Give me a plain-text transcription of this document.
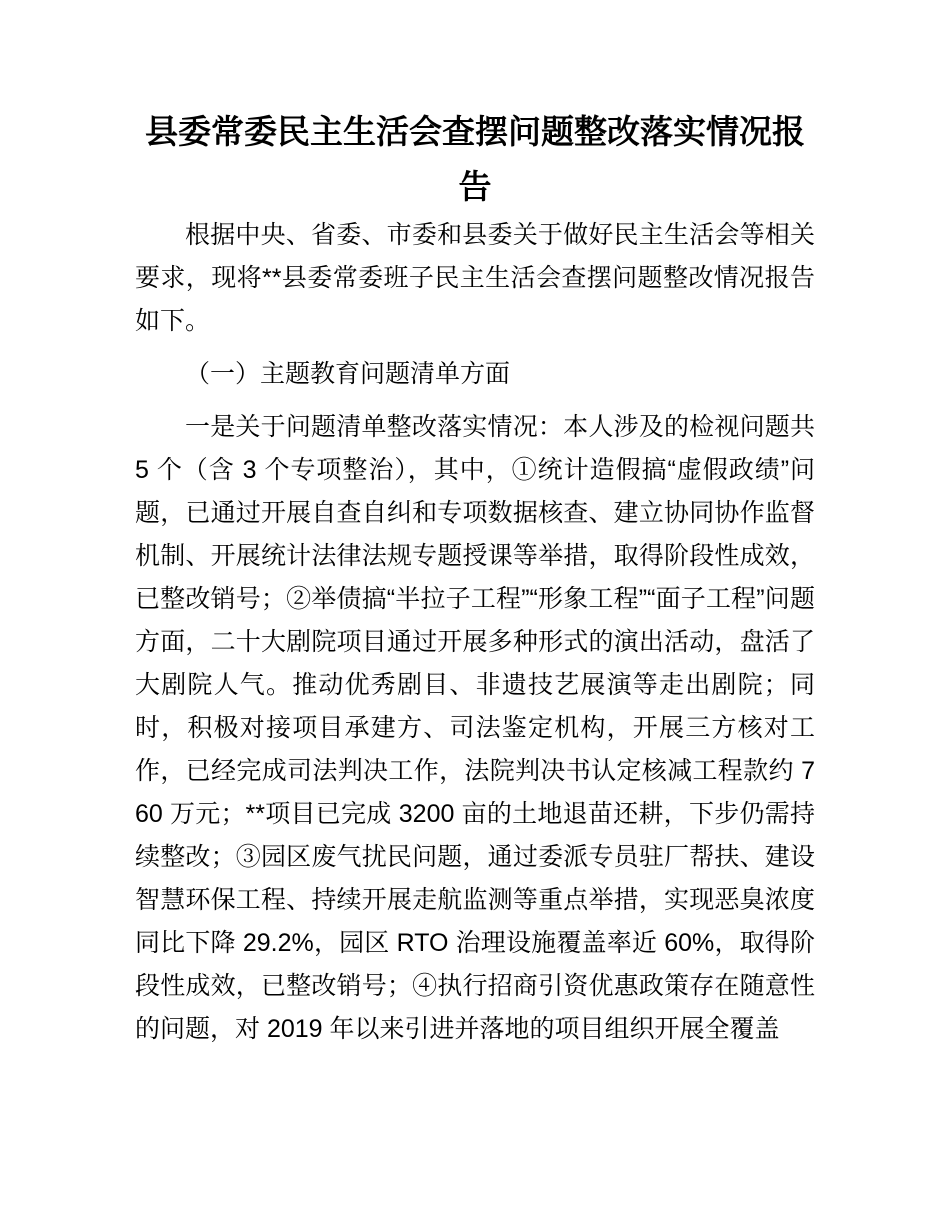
县委常委民主生活会查摆问题整改落实情况报告

根据中央、省委、市委和县委关于做好民主生活会等相关要求，现将**县委常委班子民主生活会查摆问题整改情况报告如下。

（一）主题教育问题清单方面

一是关于问题清单整改落实情况：本人涉及的检视问题共 5 个（含 3 个专项整治），其中，①统计造假搞“虚假政绩”问题，已通过开展自查自纠和专项数据核查、建立协同协作监督机制、开展统计法律法规专题授课等举措，取得阶段性成效，已整改销号；②举债搞“半拉子工程”“形象工程”“面子工程”问题方面，二十大剧院项目通过开展多种形式的演出活动，盘活了大剧院人气。推动优秀剧目、非遗技艺展演等走出剧院；同时，积极对接项目承建方、司法鉴定机构，开展三方核对工作，已经完成司法判决工作，法院判决书认定核减工程款约 760 万元；**项目已完成 3200 亩的土地退苗还耕，下步仍需持续整改；③园区废气扰民问题，通过委派专员驻厂帮扶、建设智慧环保工程、持续开展走航监测等重点举措，实现恶臭浓度同比下降 29.2%，园区 RTO 治理设施覆盖率近 60%，取得阶段性成效，已整改销号；④执行招商引资优惠政策存在随意性的问题，对 2019 年以来引进并落地的项目组织开展全覆盖
